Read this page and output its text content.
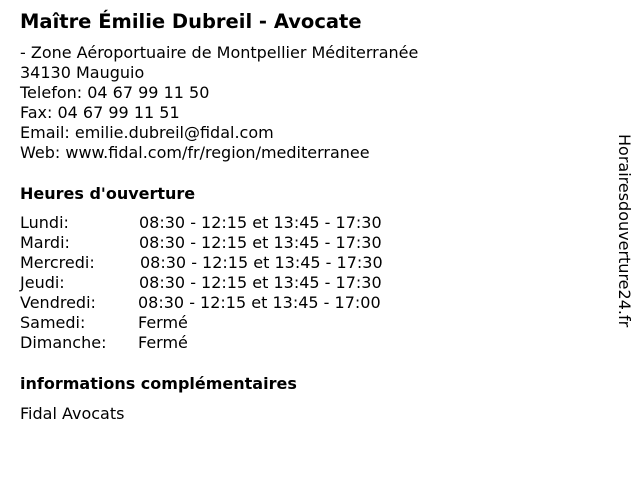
Maître Émilie Dubreil - Avocate
- Zone Aéroportuaire de Montpellier Méditerranée
34130 Mauguio
Telefon: 04 67 99 11 50
Fax: 04 67 99 11 51
Email: emilie.dubreil@fidal.com
Web: www.fidal.com/fr/region/mediterranee
Heures d'ouverture
Lundi:	08:30 - 12:15 et 13:45 - 17:30
Mardi:	08:30 - 12:15 et 13:45 - 17:30
Mercredi:	08:30 - 12:15 et 13:45 - 17:30
Jeudi:	08:30 - 12:15 et 13:45 - 17:30
Vendredi:	08:30 - 12:15 et 13:45 - 17:00
Samedi:	Fermé
Dimanche: Fermé
informations complémentaires
Fidal Avocats
Horairesdouverture24.fr
